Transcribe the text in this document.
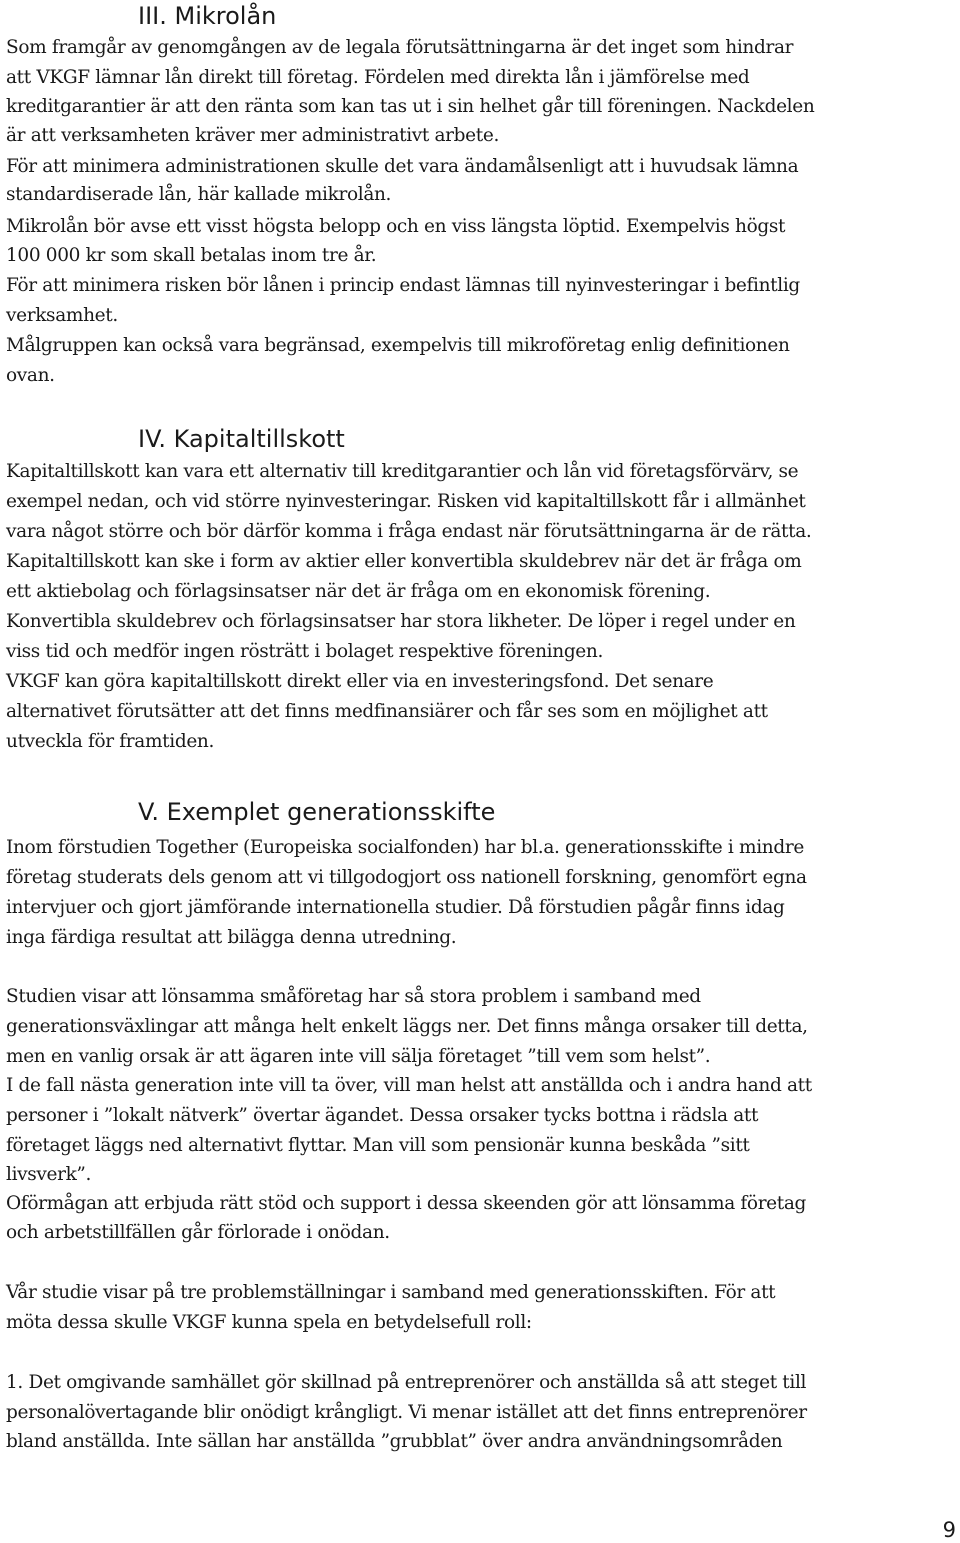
III. Mikrolån
Som framgår av genomgången av de legala förutsättningarna är det inget som hindrar
att VKGF lämnar lån direkt till företag. Fördelen med direkta lån i jämförelse med
kreditgarantier är att den ränta som kan tas ut i sin helhet går till föreningen. Nackdelen
är att verksamheten kräver mer administrativt arbete.
För att minimera administrationen skulle det vara ändamålsenligt att i huvudsak lämna
standardiserade lån, här kallade mikrolån.
Mikrolån bör avse ett visst högsta belopp och en viss längsta löptid. Exempelvis högst
100 000 kr som skall betalas inom tre år.
För att minimera risken bör lånen i princip endast lämnas till nyinvesteringar i befintlig
verksamhet.
Målgruppen kan också vara begränsad, exempelvis till mikroföretag enlig definitionen
ovan.
IV. Kapitaltillskott
Kapitaltillskott kan vara ett alternativ till kreditgarantier och lån vid företagsförvärv, se
exempel nedan, och vid större nyinvesteringar. Risken vid kapitaltillskott får i allmänhet
vara något större och bör därför komma i fråga endast när förutsättningarna är de rätta.
Kapitaltillskott kan ske i form av aktier eller konvertibla skuldebrev när det är fråga om
ett aktiebolag och förlagsinsatser när det är fråga om en ekonomisk förening.
Konvertibla skuldebrev och förlagsinsatser har stora likheter. De löper i regel under en
viss tid och medför ingen rösträtt i bolaget respektive föreningen.
VKGF kan göra kapitaltillskott direkt eller via en investeringsfond. Det senare
alternativet förutsätter att det finns medfinansiärer och får ses som en möjlighet att
utveckla för framtiden.
V. Exemplet generationsskifte
Inom förstudien Together (Europeiska socialfonden) har bl.a. generationsskifte i mindre
företag studerats dels genom att vi tillgodogjort oss nationell forskning, genomfört egna
intervjuer och gjort jämförande internationella studier. Då förstudien pågår finns idag
inga färdiga resultat att bilägga denna utredning.
Studien visar att lönsamma småföretag har så stora problem i samband med
generationsväxlingar att många helt enkelt läggs ner. Det finns många orsaker till detta,
men en vanlig orsak är att ägaren inte vill sälja företaget ”till vem som helst”.
I de fall nästa generation inte vill ta över, vill man helst att anställda och i andra hand att
personer i ”lokalt nätverk” övertar ägandet. Dessa orsaker tycks bottna i rädsla att
företaget läggs ned alternativt flyttar. Man vill som pensionär kunna beskåda ”sitt
livsverk”.
Oförmågan att erbjuda rätt stöd och support i dessa skeenden gör att lönsamma företag
och arbetstillfällen går förlorade i onödan.
Vår studie visar på tre problemställningar i samband med generationsskiften. För att
möta dessa skulle VKGF kunna spela en betydelsefull roll:
1. Det omgivande samhället gör skillnad på entreprenörer och anställda så att steget till
personalövertagande blir onödigt krångligt. Vi menar istället att det finns entreprenörer
bland anställda. Inte sällan har anställda ”grubblat” över andra användningsområden
9
